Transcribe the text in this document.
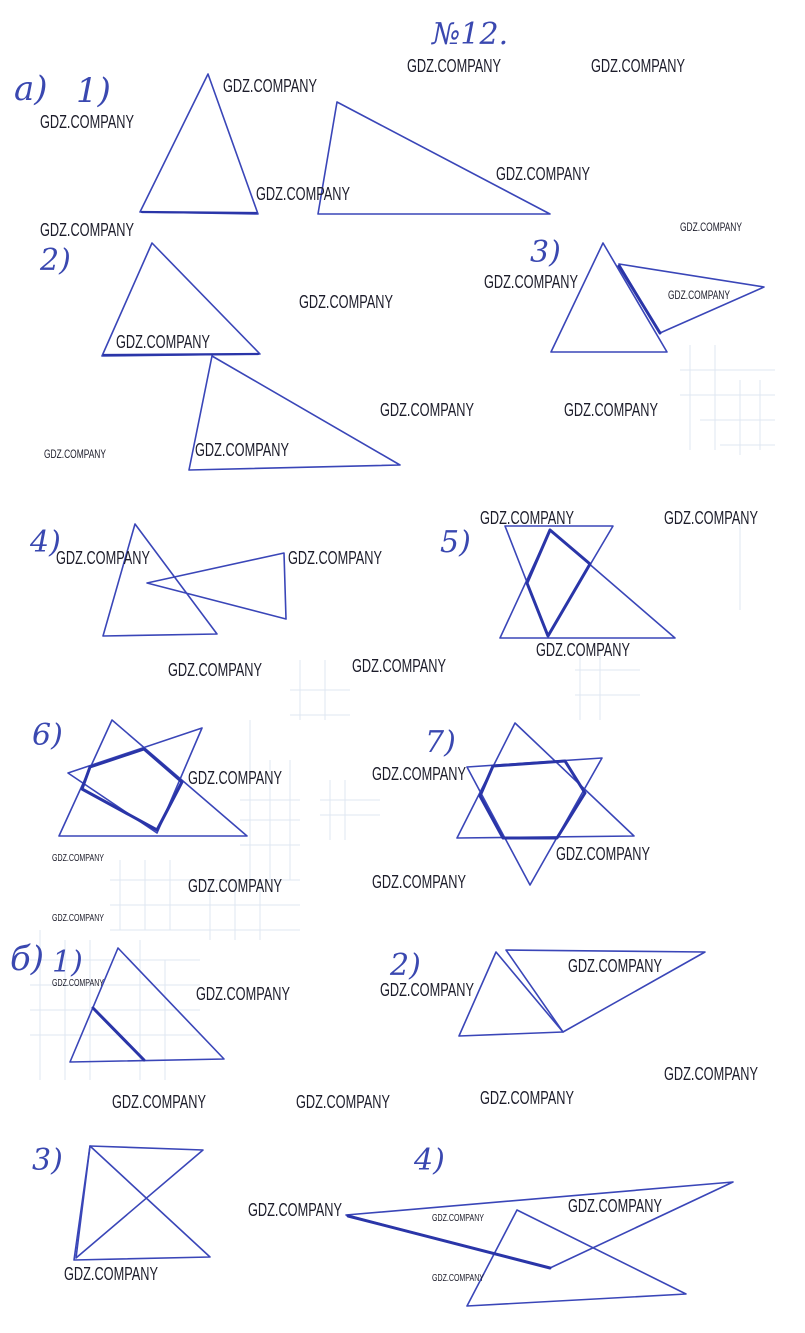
№12.
а) 1)
2)	3)
4)	5)
6)	7)
б) 1)	2)
3)	4)
GDZ.COMPANY	GDZ.COMPANY
GDZ.COMPANY
GDZ.COMPANY
GDZ.COMPANY
GDZ.COMPANY
GDZ.COMPANY	GDZ.COMPANY
GDZ.COMPANY
GDZ.COMPANY
GDZ.COMPANY
GDZ.COMPANY
GDZ.COMPANY	GDZ.COMPANY
GDZ.COMPANY	GDZ.COMPANY
GDZ.COMPANY	GDZ.COMPANY
GDZ.COMPANY	GDZ.COMPANY
GDZ.COMPANY
GDZ.COMPANY	GDZ.COMPANY
GDZ.COMPANY	GDZ.COMPANY
GDZ.COMPANY
GDZ.COMPANY
GDZ.COMPANY	GDZ.COMPANY
GDZ.COMPANY
GDZ.COMPANY
GDZ.COMPANY	GDZ.COMPANY
GDZ.COMPANY
GDZ.COMPANY
GDZ.COMPANY	GDZ.COMPANY	GDZ.COMPANY
GDZ.COMPANY	GDZ.COMPANY
GDZ.COMPANY
GDZ.COMPANY	GDZ.COMPANY
